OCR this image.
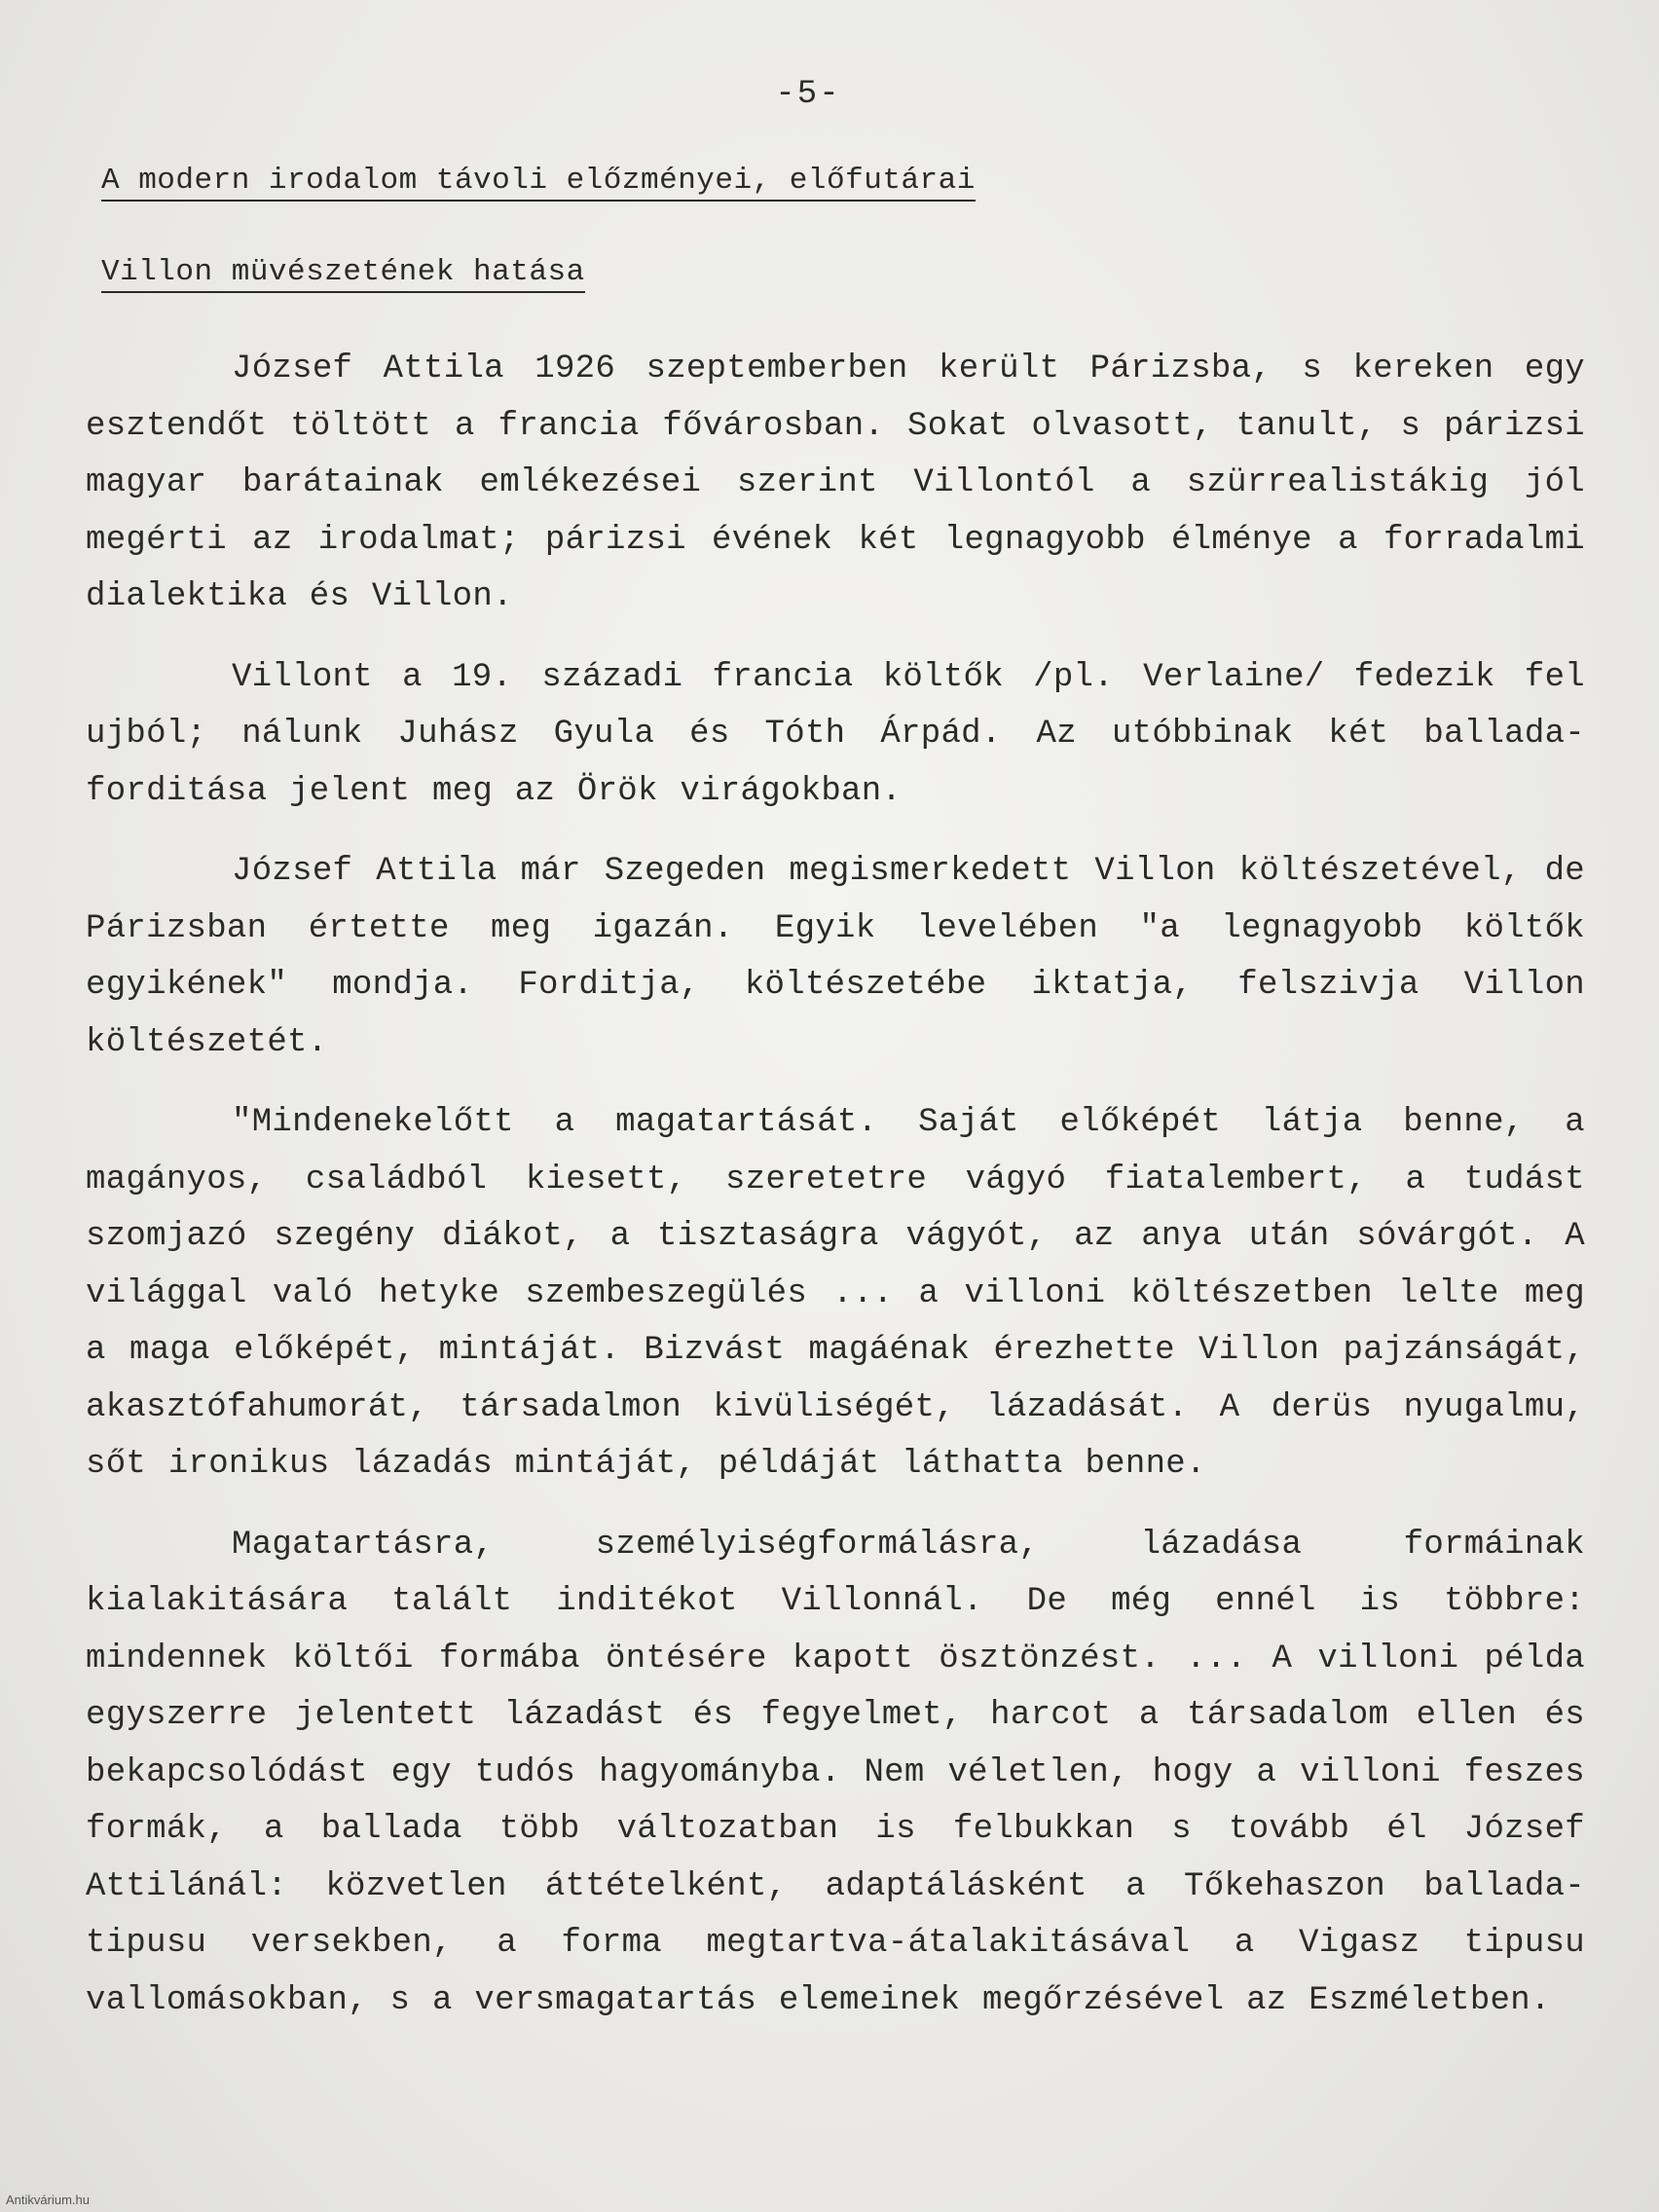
-5-
A modern irodalom távoli előzményei, előfutárai
Villon müvészetének hatása

József Attila 1926 szeptemberben került Párizsba, s kereken egy esztendőt töltött a francia fővárosban. Sokat olvasott, tanult, s párizsi magyar barátainak emlékezései szerint Villontól a szürrealistákig jól megérti az irodalmat; párizsi évének két legnagyobb élménye a forradalmi dialektika és Villon.

Villont a 19. századi francia költők /pl. Verlaine/ fedezik fel ujból; nálunk Juhász Gyula és Tóth Árpád. Az utóbbinak két ballada-forditása jelent meg az Örök virágokban.

József Attila már Szegeden megismerkedett Villon költészetével, de Párizsban értette meg igazán. Egyik levelében "a legnagyobb költők egyikének" mondja. Forditja, költészetébe iktatja, felszivja Villon költészetét.

"Mindenekelőtt a magatartását. Saját előképét látja benne, a magányos, családból kiesett, szeretetre vágyó fiatalembert, a tudást szomjazó szegény diákot, a tisztaságra vágyót, az anya után sóvárgót. A világgal való hetyke szembeszegülés ... a villoni költészetben lelte meg a maga előképét, mintáját. Bizvást magáénak érezhette Villon pajzánságát, akasztófahumorát, társadalmon kivüliségét, lázadását. A derüs nyugalmu, sőt ironikus lázadás mintáját, példáját láthatta benne.

Magatartásra, személyiségformálásra, lázadása formáinak kialakitására talált inditékot Villonnál. De még ennél is többre: mindennek költői formába öntésére kapott ösztönzést. ... A villoni példa egyszerre jelentett lázadást és fegyelmet, harcot a társadalom ellen és bekapcsolódást egy tudós hagyományba. Nem véletlen, hogy a villoni feszes formák, a ballada több változatban is felbukkan s tovább él József Attilánál: közvetlen áttételként, adaptálásként a Tőkehaszon ballada-tipusu versekben, a forma megtartva-átalakitásával a Vigasz tipusu vallomásokban, s a versmagatartás elemeinek megőrzésével az Eszméletben.

Antikvárium.hu
